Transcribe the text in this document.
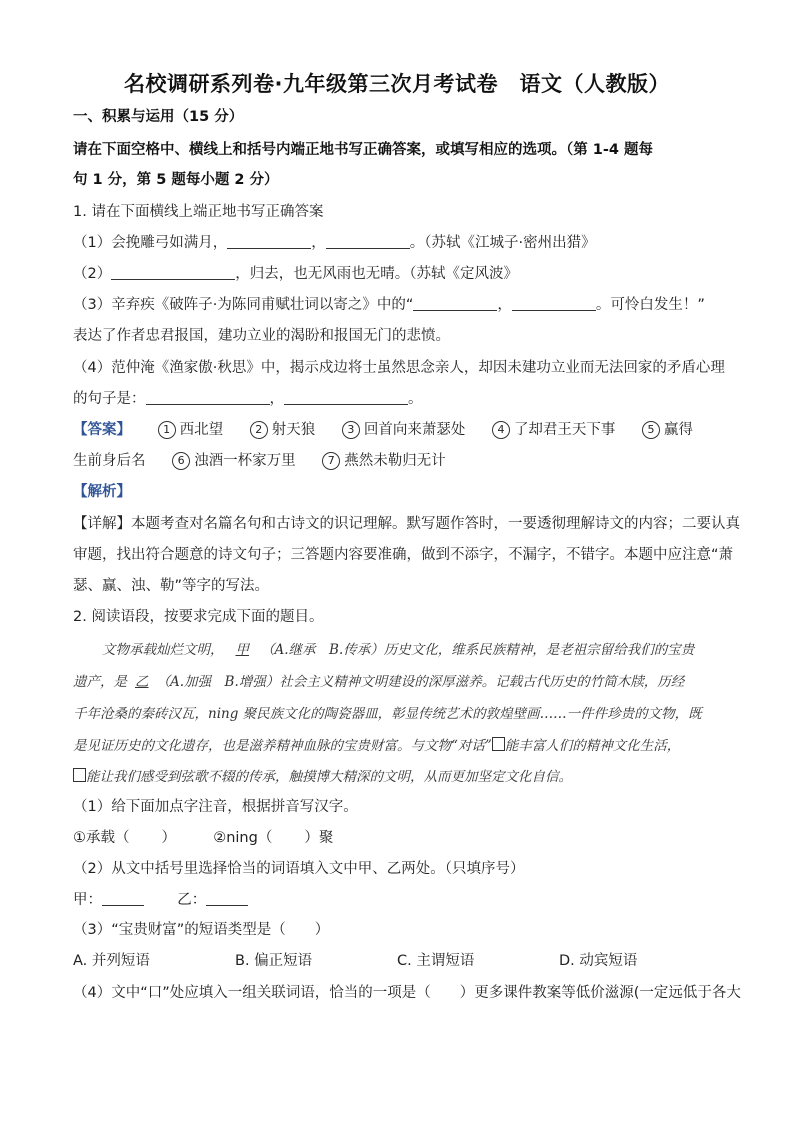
名校调研系列卷·九年级第三次月考试卷　语文（人教版）
一、积累与运用（15 分）
请在下面空格中、横线上和括号内端正地书写正确答案，或填写相应的选项。（第 1-4 题每
句 1 分，第 5 题每小题 2 分）
1. 请在下面横线上端正地书写正确答案
（1）会挽雕弓如满月，	，	。（苏轼《江城子·密州出猎》
（2）	，归去，也无风雨也无晴。（苏轼《定风波》
（3）辛弃疾《破阵子·为陈同甫赋壮词以寄之》中的“	，	。可怜白发生！”
表达了作者忠君报国，建功立业的渴盼和报国无门的悲愤。
（4）范仲淹《渔家傲·秋思》中，揭示戍边将士虽然思念亲人，却因未建功立业而无法回家的矛盾心理
的句子是：	，	。
【答案】	1 西北望	2 射天狼	3 回首向来萧瑟处	4 了却君王天下事	5 赢得
生前身后名	6 浊酒一杯家万里	7 燕然未勒归无计
【解析】
【详解】本题考查对名篇名句和古诗文的识记理解。默写题作答时，一要透彻理解诗文的内容；二要认真
审题，找出符合题意的诗文句子；三答题内容要准确，做到不添字，不漏字，不错字。本题中应注意“萧
瑟、赢、浊、勒”等字的写法。
2. 阅读语段，按要求完成下面的题目。
文物承载灿烂文明， 甲 （A.继承　B.传承）历史文化，维系民族精神，是老祖宗留给我们的宝贵
遗产，是 乙 （A.加强　B.增强）社会主义精神文明建设的深厚滋养。记载古代历史的竹简木牍，历经
千年沧桑的秦砖汉瓦，ning 聚民族文化的陶瓷器皿，彰显传统艺术的敦煌壁画……一件件珍贵的文物，既
是见证历史的文化遗存，也是滋养精神血脉的宝贵财富。与文物“对话” 能丰富人们的精神文化生活，
能让我们感受到弦歌不辍的传承，触摸博大精深的文明，从而更加坚定文化自信。
（1）给下面加点字注音，根据拼音写汉字。
①承载（ ）	②ning（ ）聚
（2）从文中括号里选择恰当的词语填入文中甲、乙两处。（只填序号）
甲：	乙：
（3）“宝贵财富”的短语类型是（　　）
A. 并列短语	B. 偏正短语	C. 主谓短语	D. 动宾短语
（4）文中“口”处应填入一组关联词语，恰当的一项是（　　）更多课件教案等低价滋源(一定远低于各大
